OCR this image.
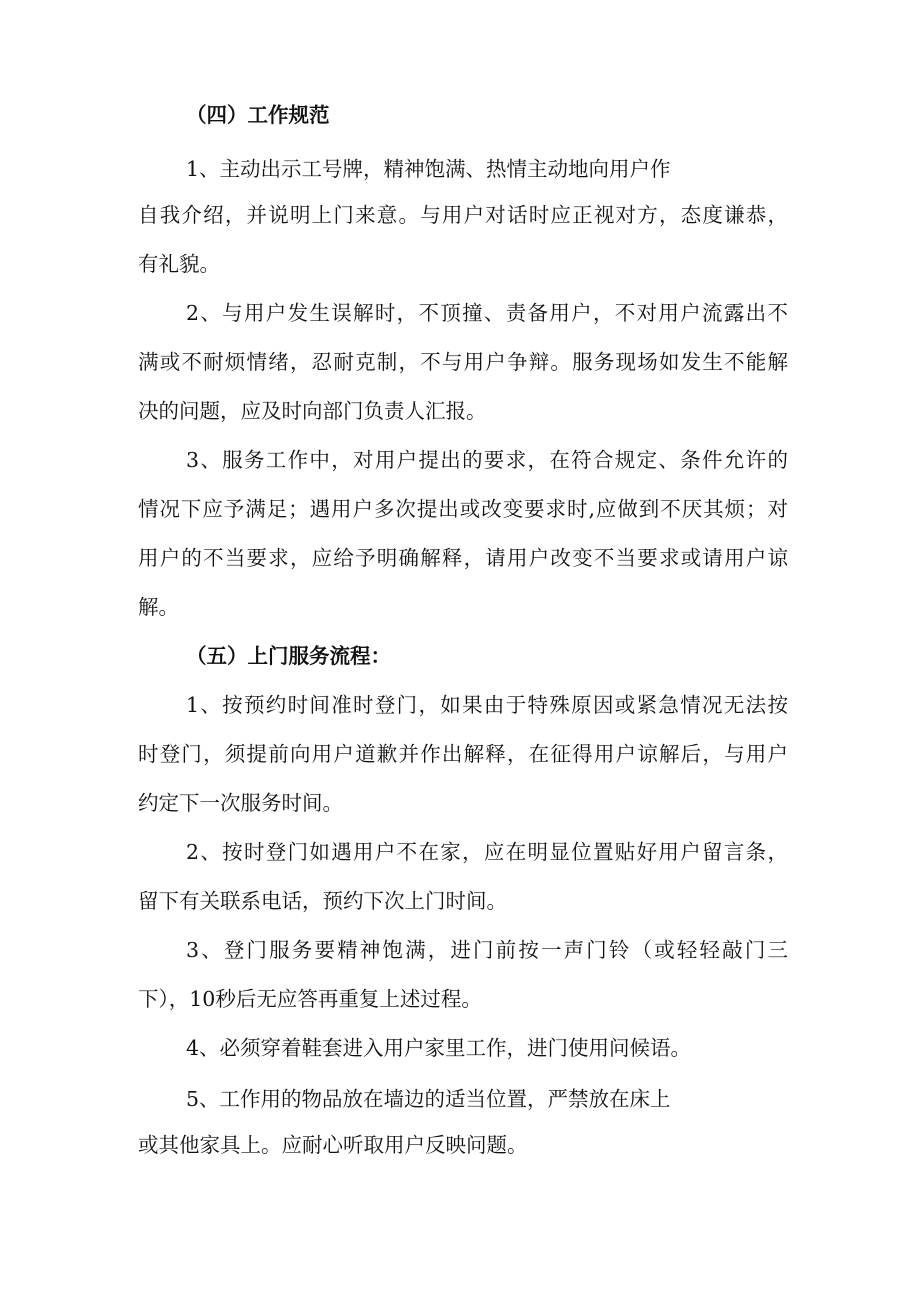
（四）工作规范

1、主动出示工号牌，精神饱满、热情主动地向用户作

自我介绍，并说明上门来意。与用户对话时应正视对方，态度谦恭，

有礼貌。

2、与用户发生误解时，不顶撞、责备用户，不对用户流露出不

满或不耐烦情绪，忍耐克制，不与用户争辩。服务现场如发生不能解

决的问题，应及时向部门负责人汇报。

3、服务工作中，对用户提出的要求，在符合规定、条件允许的

情况下应予满足；遇用户多次提出或改变要求时,应做到不厌其烦；对

用户的不当要求，应给予明确解释，请用户改变不当要求或请用户谅

解。

（五）上门服务流程：

1、按预约时间准时登门，如果由于特殊原因或紧急情况无法按

时登门，须提前向用户道歉并作出解释，在征得用户谅解后，与用户

约定下一次服务时间。

2、按时登门如遇用户不在家，应在明显位置贴好用户留言条，

留下有关联系电话，预约下次上门时间。

3、登门服务要精神饱满，进门前按一声门铃（或轻轻敲门三

下），10秒后无应答再重复上述过程。

4、必须穿着鞋套进入用户家里工作，进门使用问候语。

5、工作用的物品放在墙边的适当位置，严禁放在床上

或其他家具上。应耐心听取用户反映问题。
